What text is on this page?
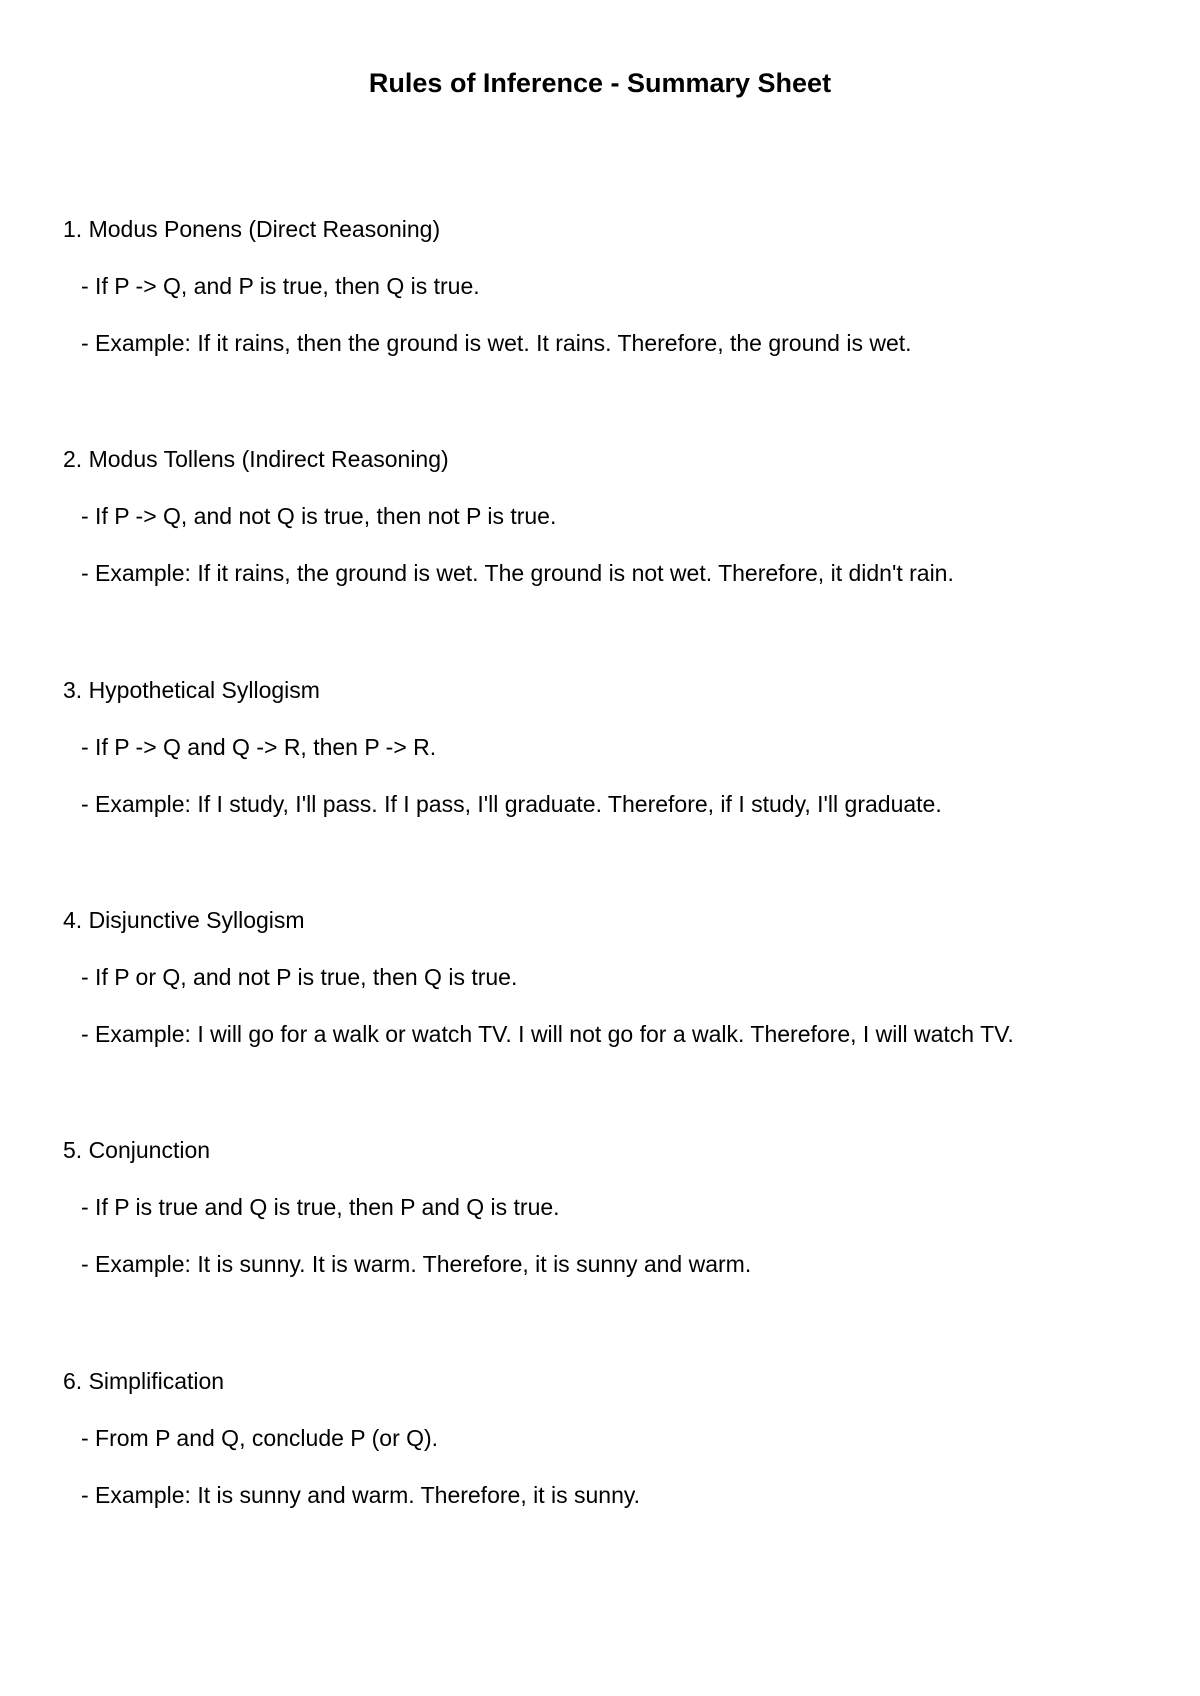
Rules of Inference - Summary Sheet
1. Modus Ponens (Direct Reasoning)
- If P -> Q, and P is true, then Q is true.
- Example: If it rains, then the ground is wet. It rains. Therefore, the ground is wet.
2. Modus Tollens (Indirect Reasoning)
- If P -> Q, and not Q is true, then not P is true.
- Example: If it rains, the ground is wet. The ground is not wet. Therefore, it didn't rain.
3. Hypothetical Syllogism
- If P -> Q and Q -> R, then P -> R.
- Example: If I study, I'll pass. If I pass, I'll graduate. Therefore, if I study, I'll graduate.
4. Disjunctive Syllogism
- If P or Q, and not P is true, then Q is true.
- Example: I will go for a walk or watch TV. I will not go for a walk. Therefore, I will watch TV.
5. Conjunction
- If P is true and Q is true, then P and Q is true.
- Example: It is sunny. It is warm. Therefore, it is sunny and warm.
6. Simplification
- From P and Q, conclude P (or Q).
- Example: It is sunny and warm. Therefore, it is sunny.
